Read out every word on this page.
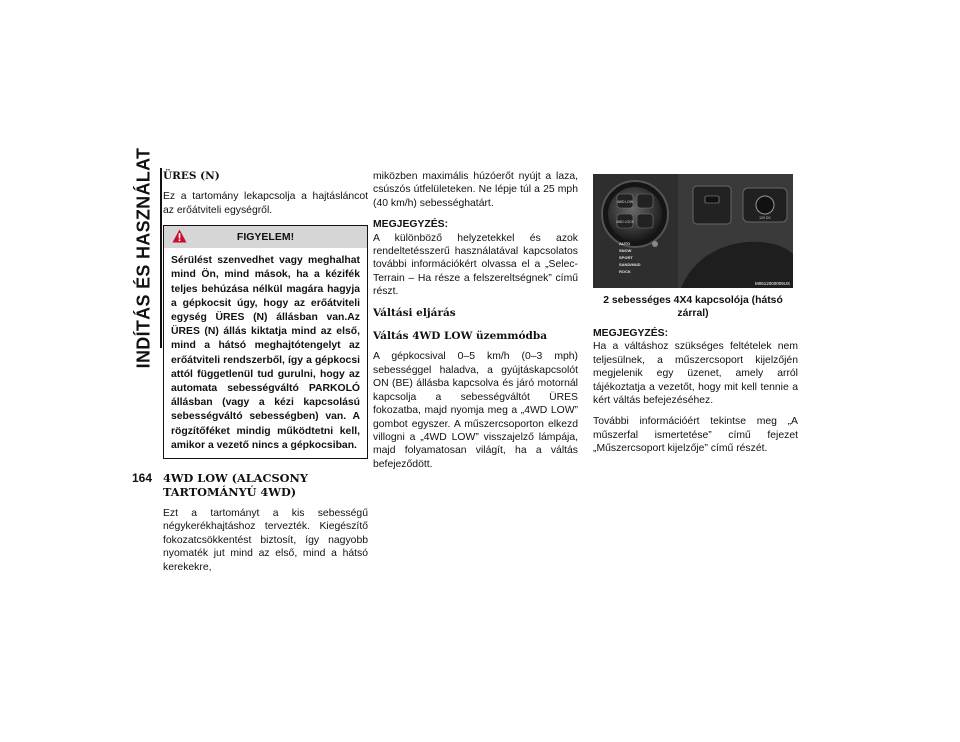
INDÍTÁS ÉS HASZNÁLAT
164
ÜRES (N)

Ez a tartomány lekapcsolja a hajtásláncot az erőátviteli egységről.

FIGYELEM!
Sérülést szenvedhet vagy meghalhat mind Ön, mind mások, ha a kézifék teljes behúzása nélkül magára hagyja a gépkocsit úgy, hogy az erőátviteli egység ÜRES (N) állásban van.Az ÜRES (N) állás kiktatja mind az első, mind a hátsó meghajtótengelyt az erőátviteli rendszerből, így a gépkocsi attól függetlenül tud gurulni, hogy az automata sebességváltó PARKOLÓ állásban (vagy a kézi kapcsolású sebességváltó sebességben) van. A rögzítőféket mindig működtetni kell, amikor a vezető nincs a gépkocsiban.
4WD LOW (ALACSONY TARTOMÁNYÚ 4WD)

Ezt a tartományt a kis sebességű négykerékhajtáshoz tervezték. Kiegészítő fokozatcsökkentést biztosít, így nagyobb nyomaték jut mind az első, mind a hátsó kerekekre,

miközben maximális húzóerőt nyújt a laza, csúszós útfelületeken. Ne lépje túl a 25 mph (40 km/h) sebességhatárt.

MEGJEGYZÉS:

A különböző helyzetekkel és azok rendeltetésszerű használatával kapcsolatos további információkért olvassa el a „Selec-Terrain – Ha része a felszereltségnek” című részt.

Váltási eljárás
Váltás 4WD LOW üzemmódba

A gépkocsival 0–5 km/h (0–3 mph) sebességgel haladva, a gyújtáskapcsolót ON (BE) állásba kapcsolva és járó motornál kapcsolja a sebességváltót ÜRES fokozatba, majd nyomja meg a „4WD LOW” gombot egyszer. A műszercsoporton elkezd villogni a „4WD LOW” visszajelző lámpája, majd folyamatosan világít, ha a váltás befejeződött.

4WD LOW
4WD LOCK
AUTO
SNOW
SPORT
SAND/MUD
ROCK
12V DC
M0612000009US
2 sebességes 4X4 kapcsolója (hátsó zárral)

MEGJEGYZÉS:

Ha a váltáshoz szükséges feltételek nem teljesülnek, a műszercsoport kijelzőjén megjelenik egy üzenet, amely arról tájékoztatja a vezetőt, hogy mit kell tennie a kért váltás befejezéséhez.

További információért tekintse meg „A műszerfal ismertetése” című fejezet „Műszercsoport kijelzője” című részét.
